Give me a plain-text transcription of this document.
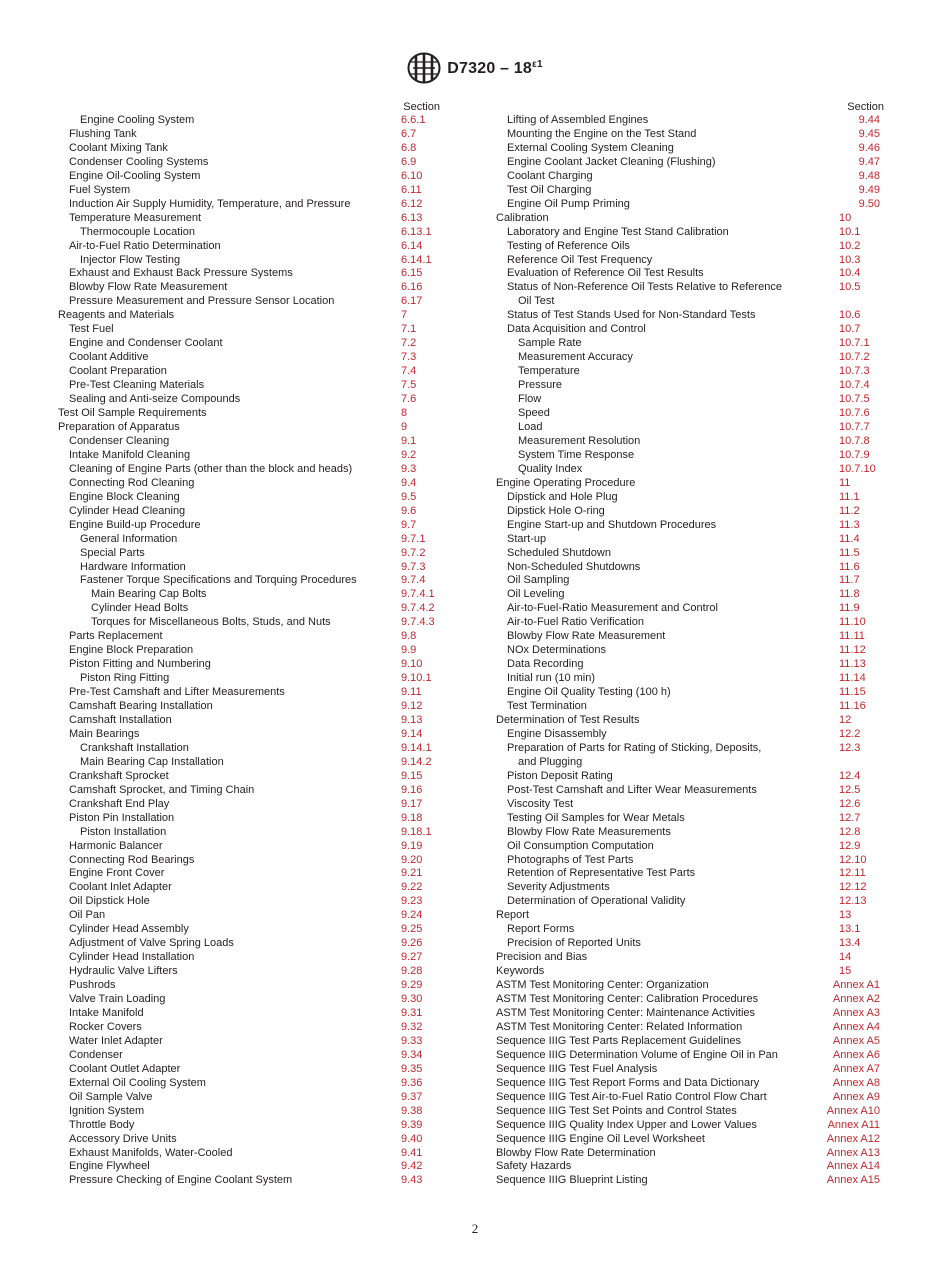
$D7320 - 18^{\varepsilon 1}$
Section
Engine Cooling System	6.6.1
Flushing Tank	6.7
Coolant Mixing Tank	6.8
Condenser Cooling Systems	6.9
Engine Oil-Cooling System	6.10
Fuel System	6.11
Induction Air Supply Humidity, Temperature, and Pressure	6.12
Temperature Measurement	6.13
Thermocouple Location	6.13.1
Air-to-Fuel Ratio Determination	6.14
Injector Flow Testing	6.14.1
Exhaust and Exhaust Back Pressure Systems	6.15
Blowby Flow Rate Measurement	6.16
Pressure Measurement and Pressure Sensor Location	6.17
Reagents and Materials	7
Test Fuel	7.1
Engine and Condenser Coolant	7.2
Coolant Additive	7.3
Coolant Preparation	7.4
Pre-Test Cleaning Materials	7.5
Sealing and Anti-seize Compounds	7.6
Test Oil Sample Requirements	8
Preparation of Apparatus	9
Condenser Cleaning	9.1
Intake Manifold Cleaning	9.2
Cleaning of Engine Parts (other than the block and heads)	9.3
Connecting Rod Cleaning	9.4
Engine Block Cleaning	9.5
Cylinder Head Cleaning	9.6
Engine Build-up Procedure	9.7
General Information	9.7.1
Special Parts	9.7.2
Hardware Information	9.7.3
Fastener Torque Specifications and Torquing Procedures	9.7.4
Main Bearing Cap Bolts	9.7.4.1
Cylinder Head Bolts	9.7.4.2
Torques for Miscellaneous Bolts, Studs, and Nuts	9.7.4.3
Parts Replacement	9.8
Engine Block Preparation	9.9
Piston Fitting and Numbering	9.10
Piston Ring Fitting	9.10.1
Pre-Test Camshaft and Lifter Measurements	9.11
Camshaft Bearing Installation	9.12
Camshaft Installation	9.13
Main Bearings	9.14
Crankshaft Installation	9.14.1
Main Bearing Cap Installation	9.14.2
Crankshaft Sprocket	9.15
Camshaft Sprocket, and Timing Chain	9.16
Crankshaft End Play	9.17
Piston Pin Installation	9.18
Piston Installation	9.18.1
Harmonic Balancer	9.19
Connecting Rod Bearings	9.20
Engine Front Cover	9.21
Coolant Inlet Adapter	9.22
Oil Dipstick Hole	9.23
Oil Pan	9.24
Cylinder Head Assembly	9.25
Adjustment of Valve Spring Loads	9.26
Cylinder Head Installation	9.27
Hydraulic Valve Lifters	9.28
Pushrods	9.29
Valve Train Loading	9.30
Intake Manifold	9.31
Rocker Covers	9.32
Water Inlet Adapter	9.33
Condenser	9.34
Coolant Outlet Adapter	9.35
External Oil Cooling System	9.36
Oil Sample Valve	9.37
Ignition System	9.38
Throttle Body	9.39
Accessory Drive Units	9.40
Exhaust Manifolds, Water-Cooled	9.41
Engine Flywheel	9.42
Pressure Checking of Engine Coolant System	9.43
Section
Lifting of Assembled Engines	9.44
Mounting the Engine on the Test Stand	9.45
External Cooling System Cleaning	9.46
Engine Coolant Jacket Cleaning (Flushing)	9.47
Coolant Charging	9.48
Test Oil Charging	9.49
Engine Oil Pump Priming	9.50
Calibration	10
Laboratory and Engine Test Stand Calibration	10.1
Testing of Reference Oils	10.2
Reference Oil Test Frequency	10.3
Evaluation of Reference Oil Test Results	10.4
Status of Non-Reference Oil Tests Relative to Reference
Oil Test
10.5
Status of Test Stands Used for Non-Standard Tests	10.6
Data Acquisition and Control	10.7
Sample Rate	10.7.1
Measurement Accuracy	10.7.2
Temperature	10.7.3
Pressure	10.7.4
Flow	10.7.5
Speed	10.7.6
Load	10.7.7
Measurement Resolution	10.7.8
System Time Response	10.7.9
Quality Index	10.7.10
Engine Operating Procedure	11
Dipstick and Hole Plug	11.1
Dipstick Hole O-ring	11.2
Engine Start-up and Shutdown Procedures	11.3
Start-up	11.4
Scheduled Shutdown	11.5
Non-Scheduled Shutdowns	11.6
Oil Sampling	11.7
Oil Leveling	11.8
Air-to-Fuel-Ratio Measurement and Control	11.9
Air-to-Fuel Ratio Verification	11.10
Blowby Flow Rate Measurement	11.11
NOx Determinations	11.12
Data Recording	11.13
Initial run (10 min)	11.14
Engine Oil Quality Testing (100 h)	11.15
Test Termination	11.16
Determination of Test Results	12
Engine Disassembly	12.2
Preparation of Parts for Rating of Sticking, Deposits,
and Plugging
12.3
Piston Deposit Rating	12.4
Post-Test Camshaft and Lifter Wear Measurements	12.5
Viscosity Test	12.6
Testing Oil Samples for Wear Metals	12.7
Blowby Flow Rate Measurements	12.8
Oil Consumption Computation	12.9
Photographs of Test Parts	12.10
Retention of Representative Test Parts	12.11
Severity Adjustments	12.12
Determination of Operational Validity	12.13
Report	13
Report Forms	13.1
Precision of Reported Units	13.4
Precision and Bias	14
Keywords	15
ASTM Test Monitoring Center: Organization	Annex A1
ASTM Test Monitoring Center: Calibration Procedures	Annex A2
ASTM Test Monitoring Center: Maintenance Activities	Annex A3
ASTM Test Monitoring Center: Related Information	Annex A4
Sequence IIIG Test Parts Replacement Guidelines	Annex A5
Sequence IIIG Determination Volume of Engine Oil in Pan	Annex A6
Sequence IIIG Test Fuel Analysis	Annex A7
Sequence IIIG Test Report Forms and Data Dictionary	Annex A8
Sequence IIIG Test Air-to-Fuel Ratio Control Flow Chart	Annex A9
Sequence IIIG Test Set Points and Control States	Annex A10
Sequence IIIG Quality Index Upper and Lower Values	Annex A11
Sequence IIIG Engine Oil Level Worksheet	Annex A12
Blowby Flow Rate Determination	Annex A13
Safety Hazards	Annex A14
Sequence IIIG Blueprint Listing	Annex A15
2
